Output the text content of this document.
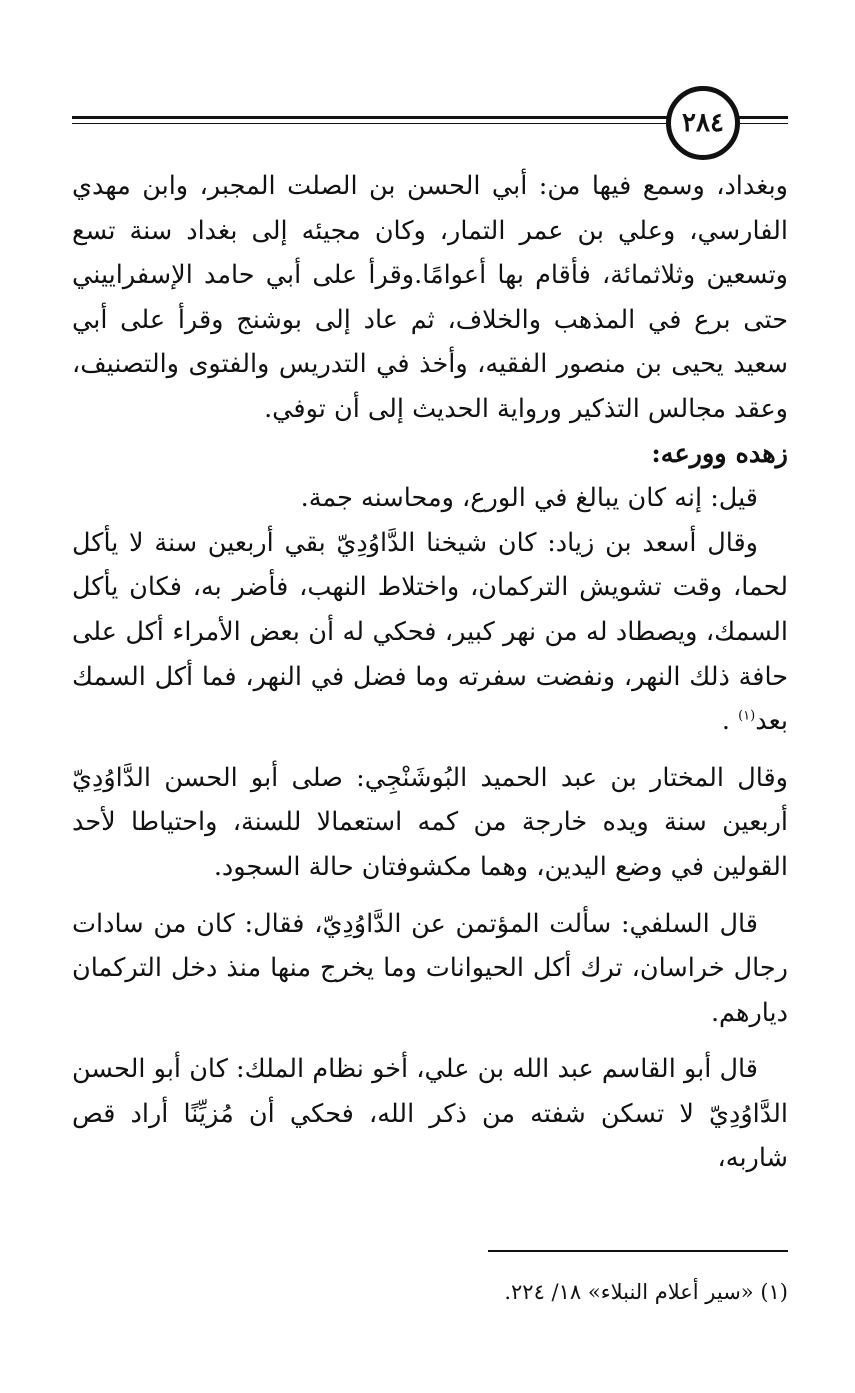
٢٨٤

وبغداد، وسمع فيها من: أبي الحسن بن الصلت المجبر، وابن مهدي الفارسي، وعلي بن عمر التمار، وكان مجيئه إلى بغداد سنة تسع وتسعين وثلاثمائة، فأقام بها أعوامًا.وقرأ على أبي حامد الإسفراييني حتى برع في المذهب والخلاف، ثم عاد إلى بوشنج وقرأ على أبي سعيد يحيى بن منصور الفقيه، وأخذ في التدريس والفتوى والتصنيف، وعقد مجالس التذكير ورواية الحديث إلى أن توفي.

زهده وورعه:

قيل: إنه كان يبالغ في الورع، ومحاسنه جمة.

وقال أسعد بن زياد: كان شيخنا الدَّاوُدِيّ بقي أربعين سنة لا يأكل لحما، وقت تشويش التركمان، واختلاط النهب، فأضر به، فكان يأكل السمك، ويصطاد له من نهر كبير، فحكي له أن بعض الأمراء أكل على حافة ذلك النهر، ونفضت سفرته وما فضل في النهر، فما أكل السمك بعد$^{(١)}$ .

وقال المختار بن عبد الحميد البُوشَنْجِي: صلى أبو الحسن الدَّاوُدِيّ أربعين سنة ويده خارجة من كمه استعمالا للسنة، واحتياطا لأحد القولين في وضع اليدين، وهما مكشوفتان حالة السجود.

قال السلفي: سألت المؤتمن عن الدَّاوُدِيّ، فقال: كان من سادات رجال خراسان، ترك أكل الحيوانات وما يخرج منها منذ دخل التركمان ديارهم.

قال أبو القاسم عبد الله بن علي، أخو نظام الملك: كان أبو الحسن الدَّاوُدِيّ لا تسكن شفته من ذكر الله، فحكي أن مُزيِّنًا أراد قص شاربه،

(١) «سير أعلام النبلاء» ١٨/ ٢٢٤.
